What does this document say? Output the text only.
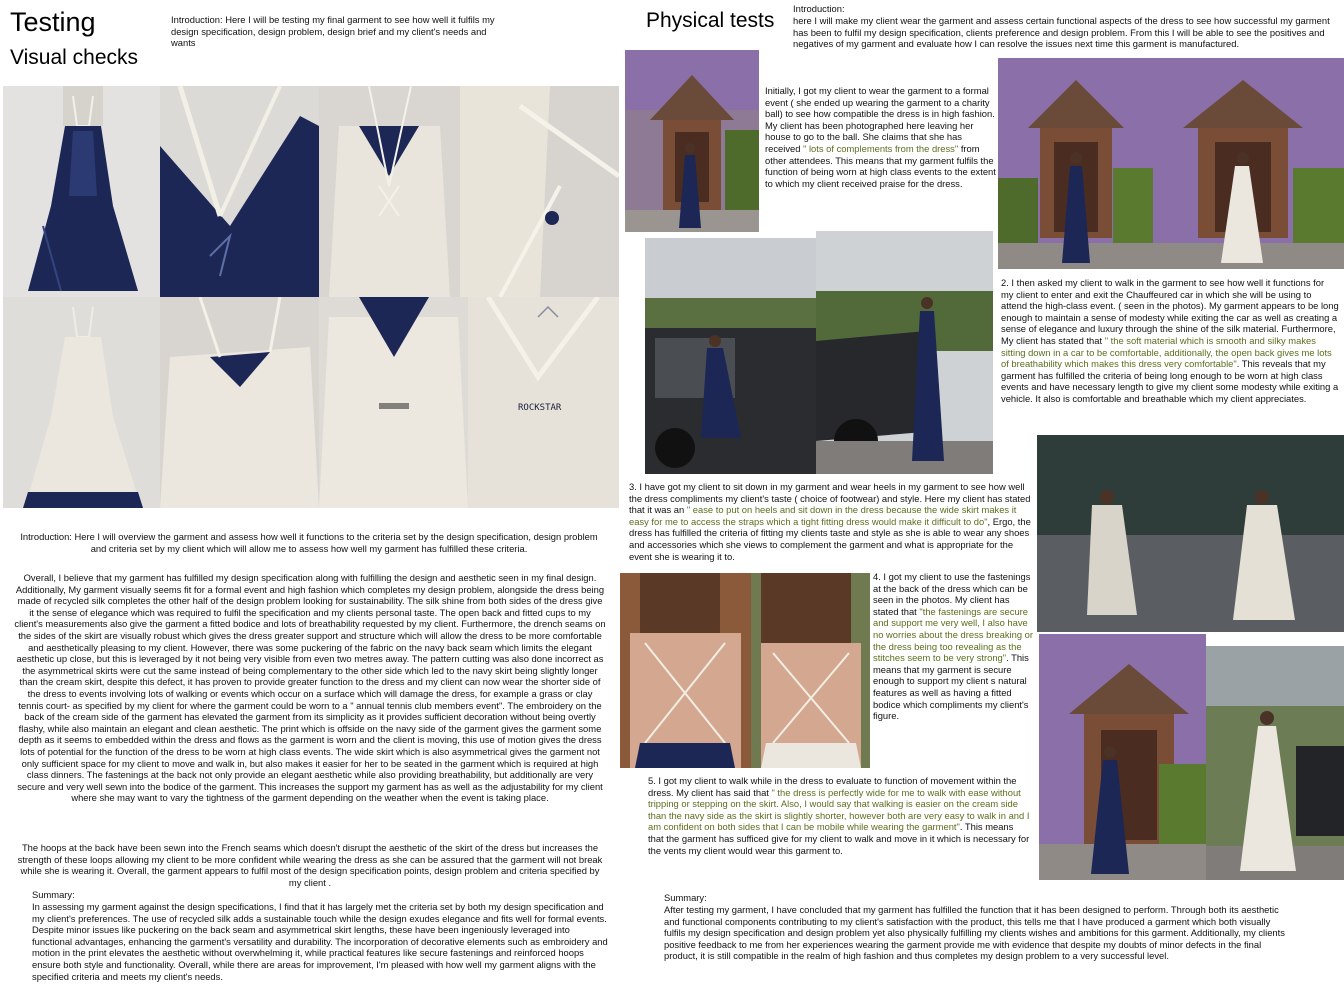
Testing
Visual checks
Introduction: Here I will be testing my final garment to see how well it fulfils my design specification, design problem, design brief and my client's needs and wants
ROCKSTAR
Introduction: Here I will overview the garment and assess how well it functions to the criteria set by the design specification, design problem and criteria set by my client which will allow me to assess how well my garment has fulfilled these criteria.
Overall, I believe that my garment has fulfilled my design specification along with fulfilling the design and aesthetic seen in my final design. Additionally, My garment visually seems fit for a formal event and high fashion which completes my design problem, alongside the dress being made of recycled silk completes the other half of the design problem looking for sustainability. The silk shine from both sides of the dress give it the sense of elegance which was required to fulfil the specification and my clients personal taste. The open back and fitted cups to my client's measurements also give the garment a fitted bodice and lots of breathability requested by my client. Furthermore, the drench seams on the sides of the skirt are visually robust which gives the dress greater support and structure which will allow the dress to be more comfortable and aesthetically pleasing to my client. However, there was some puckering of the fabric on the navy back seam which limits the elegant aesthetic up close, but this is leveraged by it not being very visible from even two metres away. The pattern cutting was also done incorrect as the asymmetrical skirts were cut the same instead of being complementary to the other side which led to the navy skirt being slightly longer than the cream skirt, despite this defect, it has proven to provide greater function to the dress and my client can now wear the shorter side of the dress to events involving lots of walking or events which occur on a surface which will damage the dress, for example a grass or clay tennis court- as specified by my client for where the garment could be worn to a " annual tennis club members event". The embroidery on the back of the cream side of the garment has elevated the garment from its simplicity as it provides sufficient decoration without being overtly flashy, while also maintain an elegant and clean aesthetic. The print which is offside on the navy side of the garment gives the garment some depth as it seems to embedded within the dress and flows as the garment is worn and the client is moving, this use of motion gives the dress lots of potential for the function of the dress to be worn at high class events. The wide skirt which is also asymmetrical gives the garment not only sufficient space for my client to move and walk in, but also makes it easier for her to be seated in the garment which is required at high class dinners. The fastenings at the back not only provide an elegant aesthetic while also providing breathability, but additionally are very secure and very well sewn into the bodice of the garment. This increases the support my garment has as well as the adjustability for my client where she may want to vary the tightness of the garment depending on the weather when the event is taking place.
The hoops at the back have been sewn into the French seams which doesn't disrupt the aesthetic of the skirt of the dress but increases the strength of these loops allowing my client to be more confident while wearing the dress as she can be assured that the garment will not break while she is wearing it. Overall, the garment appears to fulfil most of the design specification points, design problem and criteria specified by my client .
Summary:
In assessing my garment against the design specifications, I find that it has largely met the criteria set by both my design specification and my client's preferences. The use of recycled silk adds a sustainable touch while the design exudes elegance and fits well for formal events. Despite minor issues like puckering on the back seam and asymmetrical skirt lengths, these have been ingeniously leveraged into functional advantages, enhancing the garment's versatility and durability. The incorporation of decorative elements such as embroidery and motion in the print elevates the aesthetic without overwhelming it, while practical features like secure fastenings and reinforced hoops ensure both style and functionality. Overall, while there are areas for improvement, I'm pleased with how well my garment aligns with the specified criteria and meets my client's needs.
Physical tests
Introduction:
here I will make my client wear the garment and assess certain functional aspects of the dress to see how successful my garment has been to fulfil my design specification, clients preference and design problem. From this I will be able to see the positives and negatives of my garment and evaluate how I can resolve the issues next time this garment is manufactured.
Initially, I got my client to wear the garment to a formal event ( she ended up wearing the garment to a charity ball) to see how compatible the dress is in high fashion. My client has been photographed here leaving her house to go to the ball. She claims that she has received " lots of complements from the dress" from other attendees. This means that my garment fulfils the function of being worn at high class events to the extent to which my client received praise for the dress.
2. I then asked my client to walk in the garment to see how well it functions for my client to enter and exit the Chauffeured car in which she will be using to attend the high-class event. ( seen in the photos). My garment appears to be long enough to maintain a sense of modesty while exiting the car as well as creating a sense of elegance and luxury through the shine of the silk material. Furthermore, My client has stated that " the soft material which is smooth and silky makes sitting down in a car to be comfortable, additionally, the open back gives me lots of breathability which makes this dress very comfortable". This reveals that my garment has fulfilled the criteria of being long enough to be worn at high class events and have necessary length to give my client some modesty while exiting a vehicle. It also is comfortable and breathable which my client appreciates.
3. I have got my client to sit down in my garment and wear heels in my garment to see how well the dress compliments my client's taste ( choice of footwear) and style. Here my client has stated that it was an " ease to put on heels and sit down in the dress because the wide skirt makes it easy for me to access the straps which a tight fitting dress would make it difficult to do", Ergo, the dress has fulfilled the criteria of fitting my clients taste and style as she is able to wear any shoes and accessories which she views to complement the garment and what is appropriate for the event she is wearing it to.
4. I got my client to use the fastenings at the back of the dress which can be seen in the photos. My client has stated that "the fastenings are secure and support me very well, I also have no worries about the dress breaking or the dress being too revealing as the stitches seem to be very strong". This means that my garment is secure enough to support my client s natural features as well as having a fitted bodice which compliments my client's figure.
5. I got my client to walk while in the dress to evaluate to function of movement within the dress. My client has said that " the dress is perfectly wide for me to walk with ease without tripping or stepping on the skirt. Also, I would say that walking is easier on the cream side than the navy side as the skirt is slightly shorter, however both are very easy to walk in and I am confident on both sides that I can be mobile while wearing the garment". This means that the garment has sufficed give for my client to walk and move in it which is necessary for the vents my client would wear this garment to.
Summary:
After testing my garment, I have concluded that my garment has fulfilled the function that it has been designed to perform. Through both its aesthetic and functional components contributing to my client's satisfaction with the product, this tells me that I have produced a garment which both visually fulfils my design specification and design problem yet also physically fulfilling my clients wishes and ambitions for this garment. Additionally, my clients positive feedback to me from her experiences wearing the garment provide me with evidence that despite my doubts of minor defects in the final product, it is still compatible in the realm of high fashion and thus completes my design problem to a very successful level.
